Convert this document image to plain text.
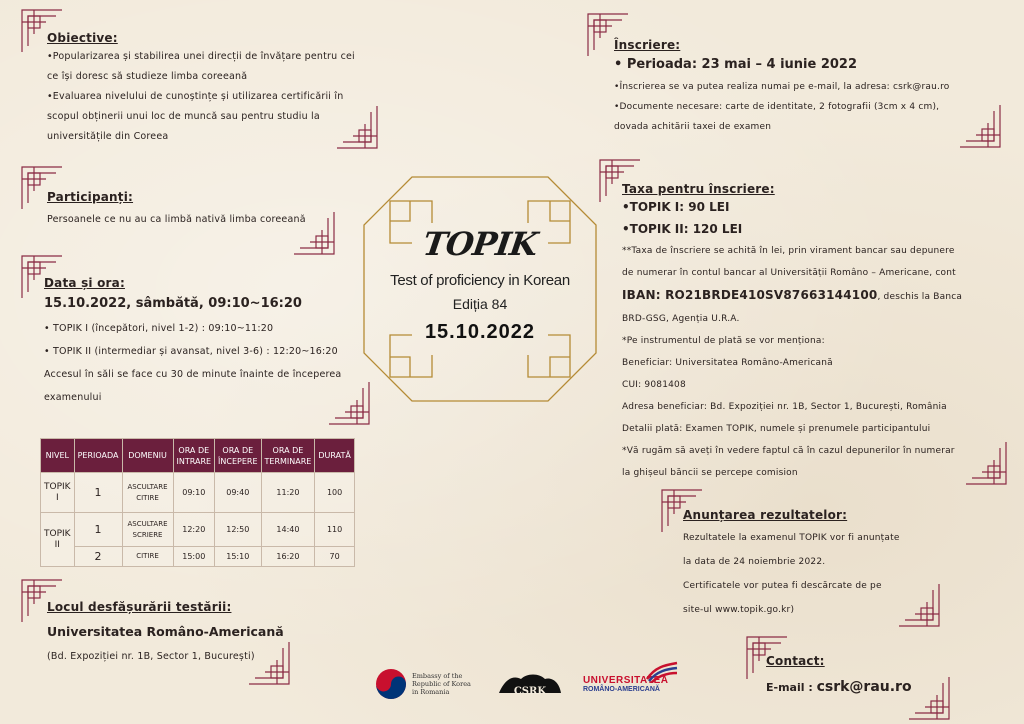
Obiective:
•Popularizarea și stabilirea unei direcții de învățare pentru cei
ce își doresc să studieze limba coreeană
•Evaluarea nivelului de cunoștințe și utilizarea certificării în
scopul obținerii unui loc de muncă sau pentru studiu la
universitățile din Coreea
Participanți:
Persoanele ce nu au ca limbă nativă limba coreeană
Data și ora:
15.10.2022, sâmbătă, 09:10~16:20
• TOPIK I (începători, nivel 1-2) : 09:10~11:20
• TOPIK II (intermediar și avansat, nivel 3-6) : 12:20~16:20
Accesul în săli se face cu 30 de minute înainte de începerea
examenului
NIVEL	PERIOADA	DOMENIU	ORA DE INTRARE	ORA DE ÎNCEPERE	ORA DE TERMINARE	DURATĂ
TOPIK I	1	ASCULTARE CITIRE	09:10	09:40	11:20	100
TOPIK II	1	ASCULTARE SCRIERE	12:20	12:50	14:40	110
	2	CITIRE	15:00	15:10	16:20	70
Locul desfășurării testării:
Universitatea Româno-Americană
(Bd. Expoziției nr. 1B, Sector 1, București)
TOPIK
Test of proficiency in Korean
Ediția 84
15.10.2022
Înscriere:
• Perioada: 23 mai – 4 iunie 2022
•Înscrierea se va putea realiza numai pe e-mail, la adresa: csrk@rau.ro
•Documente necesare: carte de identitate, 2 fotografii (3cm x 4 cm),
dovada achitării taxei de examen
Taxa pentru înscriere:
•TOPIK I: 90 LEI
•TOPIK II: 120 LEI
**Taxa de înscriere se achită în lei, prin virament bancar sau depunere
de numerar în contul bancar al Universității Româno – Americane, cont
IBAN: RO21BRDE410SV87663144100, deschis la Banca
BRD-GSG, Agenția U.R.A.
*Pe instrumentul de plată se vor menționa:
Beneficiar: Universitatea Româno-Americană
CUI: 9081408
Adresa beneficiar: Bd. Expoziției nr. 1B, Sector 1, București, România
Detalii plată: Examen TOPIK, numele și prenumele participantului
*Vă rugăm să aveți în vedere faptul că în cazul depunerilor în numerar
la ghișeul băncii se percepe comision
Anunțarea rezultatelor:
Rezultatele la examenul TOPIK vor fi anunțate
la data de 24 noiembrie 2022.
Certificatele vor putea fi descărcate de pe
site-ul www.topik.go.kr)
Contact:
E-mail : csrk@rau.ro
Embassy of the
Republic of Korea
in Romania	CSRK
UNIVERSITATEA
ROMÂNO-AMERICANĂ
